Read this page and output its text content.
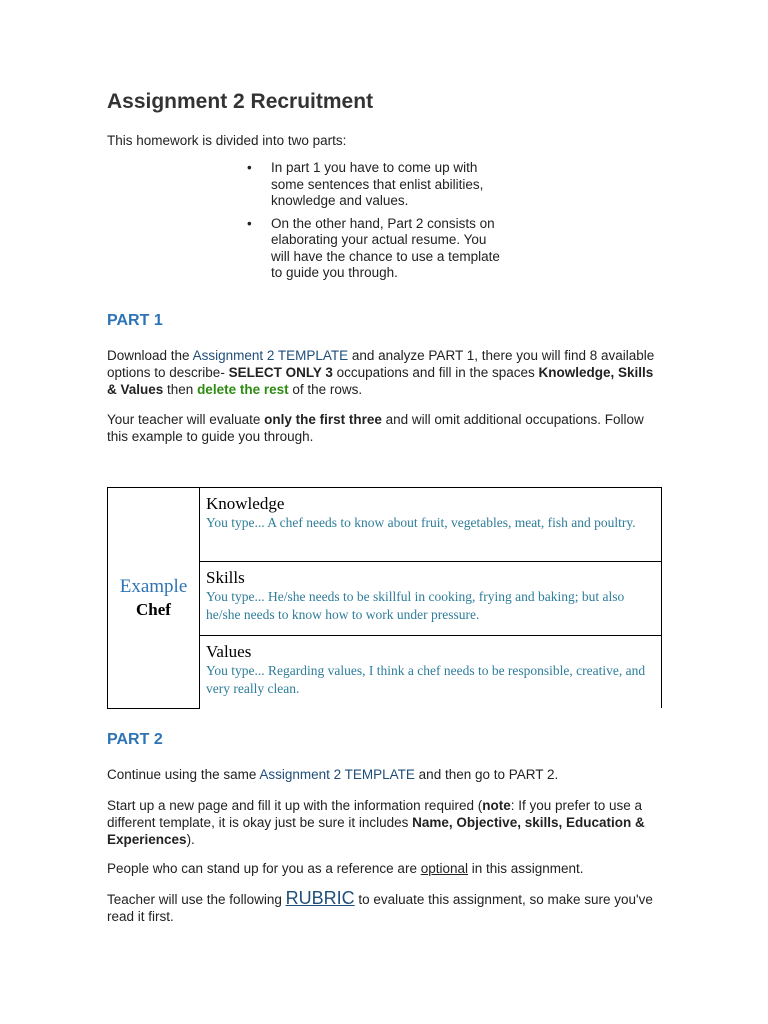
Assignment 2 Recruitment

This homework is divided into two parts:

• In part 1 you have to come up with some sentences that enlist abilities, knowledge and values.
• On the other hand, Part 2 consists on elaborating your actual resume. You will have the chance to use a template to guide you through.
PART 1

Download the Assignment 2 TEMPLATE and analyze PART 1, there you will find 8 available options to describe- SELECT ONLY 3 occupations and fill in the spaces Knowledge, Skills & Values then delete the rest of the rows.

Your teacher will evaluate only the first three and will omit additional occupations. Follow this example to guide you through.

Example
Chef

Knowledge
You type... A chef needs to know about fruit, vegetables, meat, fish and poultry.

Skills
You type... He/she needs to be skillful in cooking, frying and baking; but also he/she needs to know how to work under pressure.

Values
You type... Regarding values, I think a chef needs to be responsible, creative, and very really clean.
PART 2

Continue using the same Assignment 2 TEMPLATE and then go to PART 2.

Start up a new page and fill it up with the information required (note: If you prefer to use a different template, it is okay just be sure it includes Name, Objective, skills, Education & Experiences).

People who can stand up for you as a reference are optional in this assignment.

Teacher will use the following RUBRIC to evaluate this assignment, so make sure you've read it first.
